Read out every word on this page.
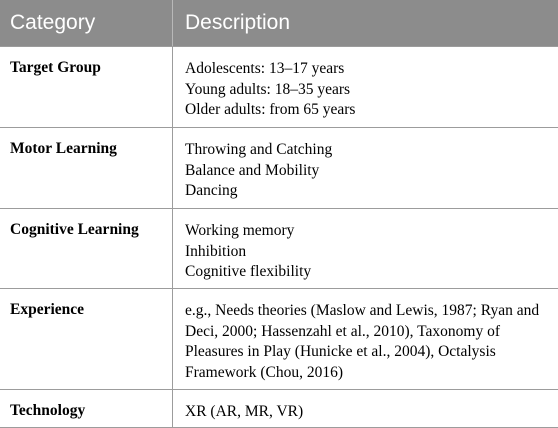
Category	Description
Target Group	Adolescents: 13–17 years
Young adults: 18–35 years
Older adults: from 65 years
Motor Learning	Throwing and Catching
Balance and Mobility
Dancing
Cognitive Learning	Working memory
Inhibition
Cognitive flexibility
Experience	e.g., Needs theories (Maslow and Lewis, 1987; Ryan and
Deci, 2000; Hassenzahl et al., 2010), Taxonomy of
Pleasures in Play (Hunicke et al., 2004), Octalysis
Framework (Chou, 2016)
Technology	XR (AR, MR, VR)
